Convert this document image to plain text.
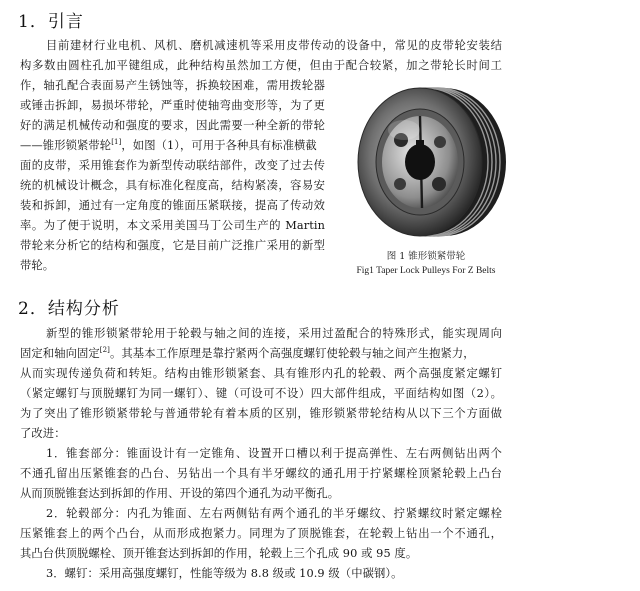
1．引言
目前建材行业电机、风机、磨机减速机等采用皮带传动的设备中，常见的皮带轮安装结
构多数由圆柱孔加平键组成，此种结构虽然加工方便，但由于配合较紧，加之带轮长时间工
作，轴孔配合表面易产生锈蚀等，拆换较困难，需用拨轮器
或锤击拆卸，易损坏带轮，严重时使轴弯曲变形等，为了更
好的满足机械传动和强度的要求，因此需要一种全新的带轮
——锥形锁紧带轮[1]，如图（1），可用于各种具有标准横截
面的皮带，采用锥套作为新型传动联结部件，改变了过去传
统的机械设计概念，具有标准化程度高，结构紧凑，容易安
装和拆卸，通过有一定角度的锥面压紧联接，提高了传动效
率。为了便于说明，本文采用美国马丁公司生产的 Martin
带轮来分析它的结构和强度，它是目前广泛推广采用的新型
带轮。
图 1 锥形锁紧带轮
Fig1 Taper Lock Pulleys For Z Belts
2．结构分析
新型的锥形锁紧带轮用于轮毂与轴之间的连接，采用过盈配合的特殊形式，能实现周向
固定和轴向固定[2]。其基本工作原理是靠拧紧两个高强度螺钉使轮毂与轴之间产生抱紧力，
从而实现传递负荷和转矩。结构由锥形锁紧套、具有锥形内孔的轮毂、两个高强度紧定螺钉
（紧定螺钉与顶脱螺钉为同一螺钉）、键（可设可不设）四大部件组成，平面结构如图（2）。
为了突出了锥形锁紧带轮与普通带轮有着本质的区别，锥形锁紧带轮结构从以下三个方面做
了改进：
1．锥套部分：锥面设计有一定锥角、设置开口槽以利于提高弹性、左右两侧钻出两个
不通孔留出压紧锥套的凸台、另钻出一个具有半牙螺纹的通孔用于拧紧螺栓顶紧轮毂上凸台
从而顶脱锥套达到拆卸的作用、开设的第四个通孔为动平衡孔。
2．轮毂部分：内孔为锥面、左右两侧钻有两个通孔的半牙螺纹、拧紧螺纹时紧定螺栓
压紧锥套上的两个凸台，从而形成抱紧力。同理为了顶脱锥套，在轮毂上钻出一个不通孔，
其凸台供顶脱螺栓、顶开锥套达到拆卸的作用，轮毂上三个孔成 90 或 95 度。
3．螺钉：采用高强度螺钉，性能等级为 8.8 级或 10.9 级（中碳钢）。
